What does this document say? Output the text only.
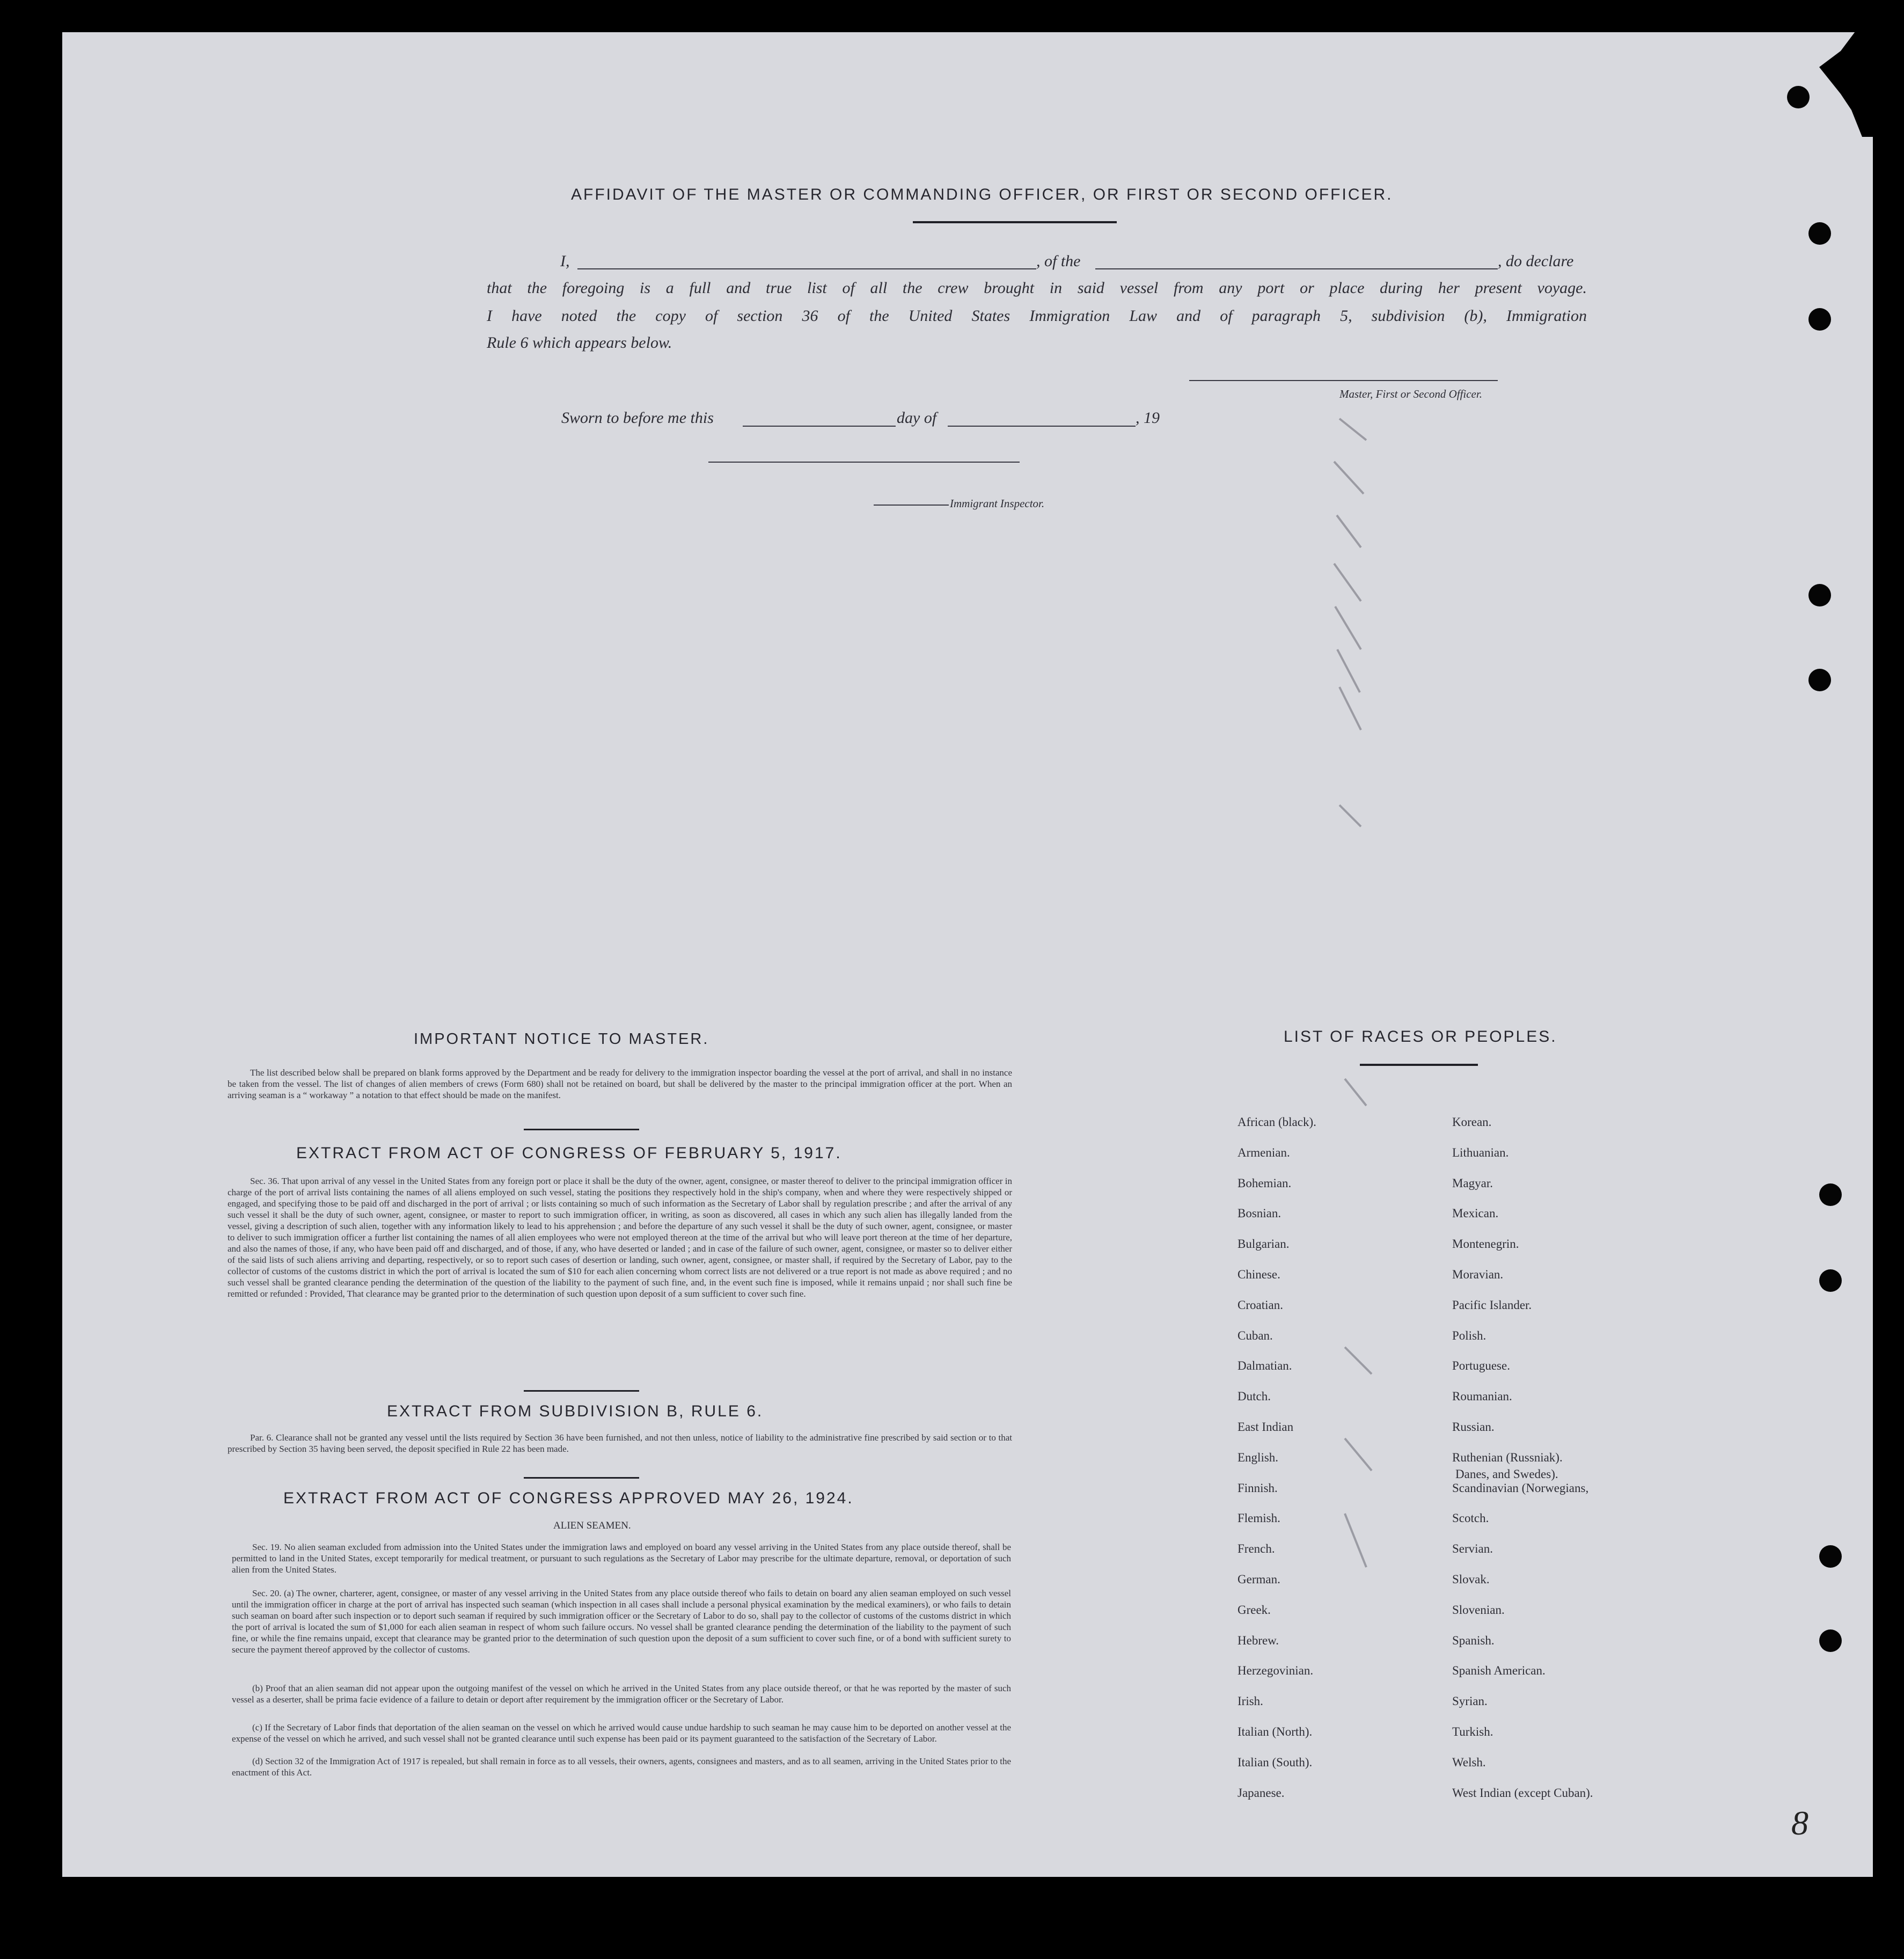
AFFIDAVIT OF THE MASTER OR COMMANDING OFFICER, OR FIRST OR SECOND OFFICER.
I,	, of the	, do declare
that the foregoing is a full and true list of all the crew brought in said vessel from any port or place during her present voyage.
I have noted the copy of section 36 of the United States Immigration Law and of paragraph 5, subdivision (b), Immigration
Rule 6 which appears below.
Master, First or Second Officer.
Sworn to before me this	day of	, 19
Immigrant Inspector.
IMPORTANT NOTICE TO MASTER.
The list described below shall be prepared on blank forms approved by the Department and be ready for delivery to the immigration inspector boarding the vessel at the port of arrival, and shall in no instance be taken from the vessel. The list of changes of alien members of crews (Form 680) shall not be retained on board, but shall be delivered by the master to the principal immigration officer at the port. When an arriving seaman is a “ workaway ” a notation to that effect should be made on the manifest.
EXTRACT FROM ACT OF CONGRESS OF FEBRUARY 5, 1917.
Sec. 36. That upon arrival of any vessel in the United States from any foreign port or place it shall be the duty of the owner, agent, consignee, or master thereof to deliver to the principal immigration officer in charge of the port of arrival lists containing the names of all aliens employed on such vessel, stating the positions they respectively hold in the ship's company, when and where they were respectively shipped or engaged, and specifying those to be paid off and discharged in the port of arrival ; or lists containing so much of such information as the Secretary of Labor shall by regulation prescribe ; and after the arrival of any such vessel it shall be the duty of such owner, agent, consignee, or master to report to such immigration officer, in writing, as soon as discovered, all cases in which any such alien has illegally landed from the vessel, giving a description of such alien, together with any information likely to lead to his apprehension ; and before the departure of any such vessel it shall be the duty of such owner, agent, consignee, or master to deliver to such immigration officer a further list containing the names of all alien employees who were not employed thereon at the time of the arrival but who will leave port thereon at the time of her departure, and also the names of those, if any, who have been paid off and discharged, and of those, if any, who have deserted or landed ; and in case of the failure of such owner, agent, consignee, or master so to deliver either of the said lists of such aliens arriving and departing, respectively, or so to report such cases of desertion or landing, such owner, agent, consignee, or master shall, if required by the Secretary of Labor, pay to the collector of customs of the customs district in which the port of arrival is located the sum of $10 for each alien concerning whom correct lists are not delivered or a true report is not made as above required ; and no such vessel shall be granted clearance pending the determination of the question of the liability to the payment of such fine, and, in the event such fine is imposed, while it remains unpaid ; nor shall such fine be remitted or refunded : Provided, That clearance may be granted prior to the determination of such question upon deposit of a sum sufficient to cover such fine.
EXTRACT FROM SUBDIVISION B, RULE 6.
Par. 6. Clearance shall not be granted any vessel until the lists required by Section 36 have been furnished, and not then unless, notice of liability to the administrative fine prescribed by said section or to that prescribed by Section 35 having been served, the deposit specified in Rule 22 has been made.
EXTRACT FROM ACT OF CONGRESS APPROVED MAY 26, 1924.
ALIEN SEAMEN.
Sec. 19. No alien seaman excluded from admission into the United States under the immigration laws and employed on board any vessel arriving in the United States from any place outside thereof, shall be permitted to land in the United States, except temporarily for medical treatment, or pursuant to such regulations as the Secretary of Labor may prescribe for the ultimate departure, removal, or deportation of such alien from the United States.
Sec. 20. (a) The owner, charterer, agent, consignee, or master of any vessel arriving in the United States from any place outside thereof who fails to detain on board any alien seaman employed on such vessel until the immigration officer in charge at the port of arrival has inspected such seaman (which inspection in all cases shall include a personal physical examination by the medical examiners), or who fails to detain such seaman on board after such inspection or to deport such seaman if required by such immigration officer or the Secretary of Labor to do so, shall pay to the collector of customs of the customs district in which the port of arrival is located the sum of $1,000 for each alien seaman in respect of whom such failure occurs. No vessel shall be granted clearance pending the determination of the liability to the payment of such fine, or while the fine remains unpaid, except that clearance may be granted prior to the determination of such question upon the deposit of a sum sufficient to cover such fine, or of a bond with sufficient surety to secure the payment thereof approved by the collector of customs.
(b) Proof that an alien seaman did not appear upon the outgoing manifest of the vessel on which he arrived in the United States from any place outside thereof, or that he was reported by the master of such vessel as a deserter, shall be prima facie evidence of a failure to detain or deport after requirement by the immigration officer or the Secretary of Labor.
(c) If the Secretary of Labor finds that deportation of the alien seaman on the vessel on which he arrived would cause undue hardship to such seaman he may cause him to be deported on another vessel at the expense of the vessel on which he arrived, and such vessel shall not be granted clearance until such expense has been paid or its payment guaranteed to the satisfaction of the Secretary of Labor.
(d) Section 32 of the Immigration Act of 1917 is repealed, but shall remain in force as to all vessels, their owners, agents, consignees and masters, and as to all seamen, arriving in the United States prior to the enactment of this Act.
LIST OF RACES OR PEOPLES.
African (black).
Armenian.
Bohemian.
Bosnian.
Bulgarian.
Chinese.
Croatian.
Cuban.
Dalmatian.
Dutch.
East Indian
English.
Finnish.
Flemish.
French.
German.
Greek.
Hebrew.
Herzegovinian.
Irish.
Italian (North).
Italian (South).
Japanese.
Korean.
Lithuanian.
Magyar.
Mexican.
Montenegrin.
Moravian.
Pacific Islander.
Polish.
Portuguese.
Roumanian.
Russian.
Ruthenian (Russniak).
Scandinavian (Norwegians,
Scotch.
Servian.
Slovak.
Slovenian.
Spanish.
Spanish American.
Syrian.
Turkish.
Welsh.
West Indian (except Cuban).
Danes, and Swedes).
8
